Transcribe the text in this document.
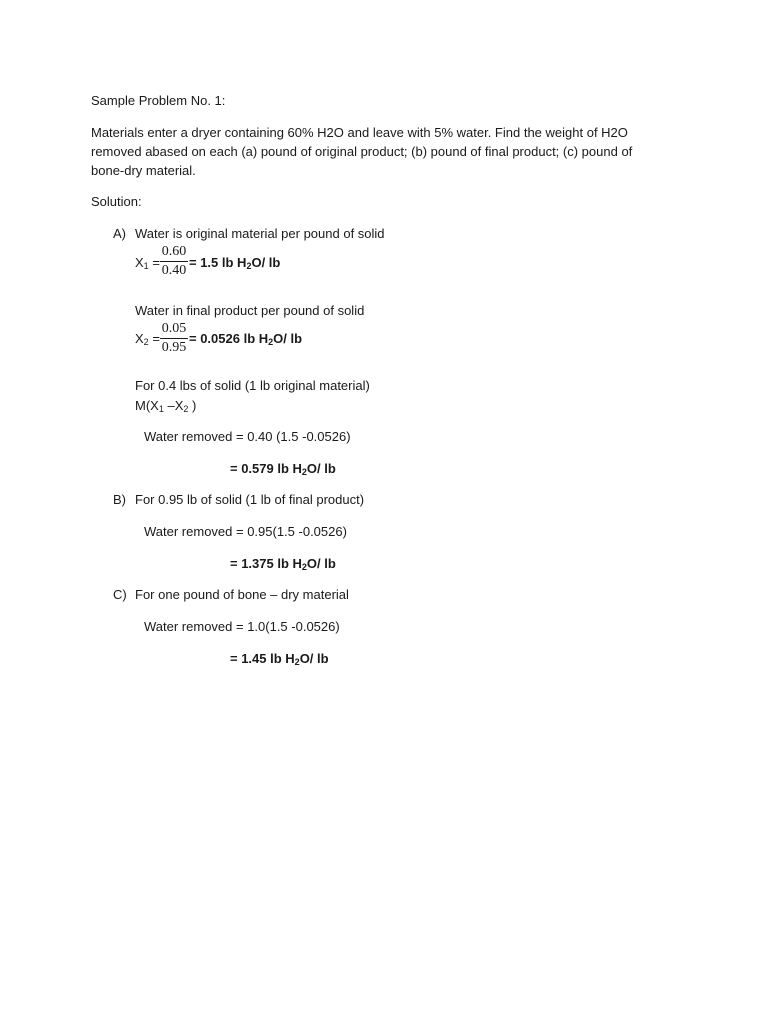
Sample Problem No. 1:
Materials enter a dryer containing 60% H2O and leave with 5% water. Find the weight of H2O
removed abased on each (a) pound of original product; (b) pound of final product; (c) pound of
bone-dry material.
Solution:
A) Water is original material per pound of solid
$X_1 = \frac{0.60}{0.40} = 1.5$ lb $H_2O/$ lb
Water in final product per pound of solid
$X_2 = \frac{0.05}{0.95} = 0.0526$ lb $H_2O/$ lb
For 0.4 lbs of solid (1 lb original material)
$M(X_1$ $-X_2$ )
Water removed = 0.40 (1.5 -0.0526)
= 0.579 lb $H_2O/$ lb
B) For 0.95 lb of solid (1 lb of final product)
Water removed = 0.95(1.5 -0.0526)
= 1.375 lb $H_2O/$ lb
C) For one pound of bone – dry material
Water removed = 1.0(1.5 -0.0526)
= 1.45 lb $H_2O/$ lb
